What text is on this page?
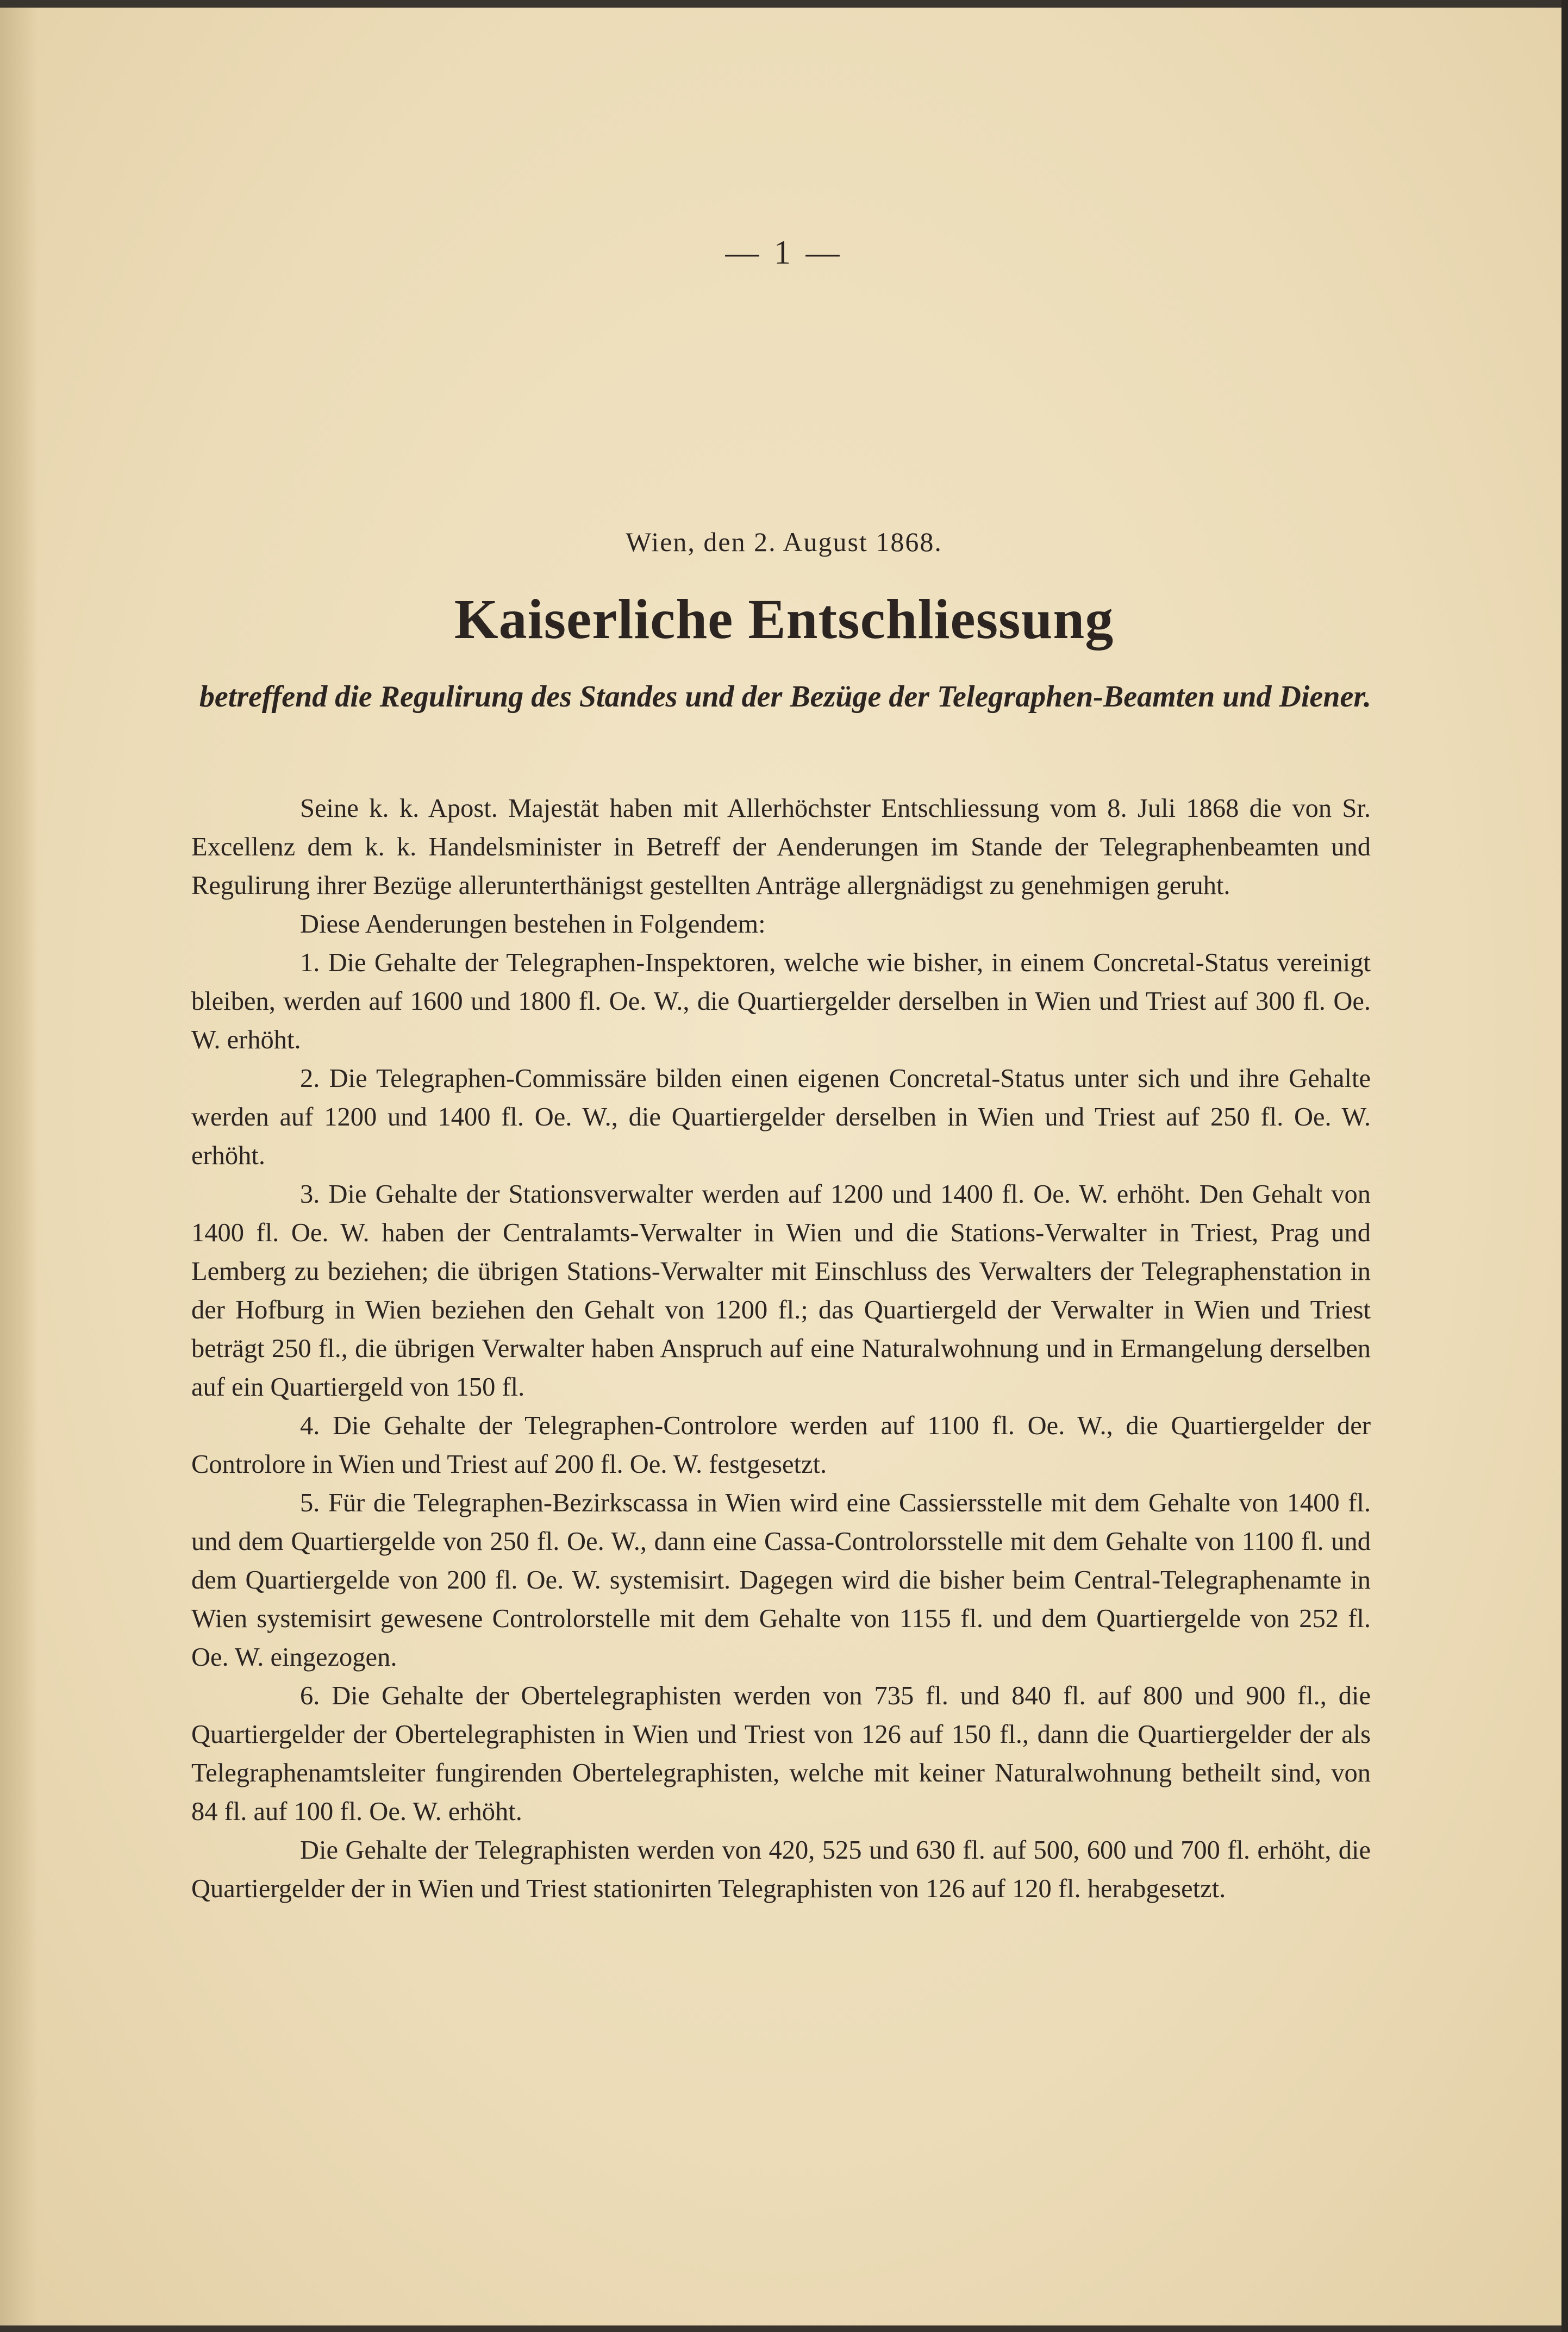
— 1 —
Wien, den 2. August 1868.
Kaiserliche Entschliessung
betreffend die Regulirung des Standes und der Bezüge der Telegraphen-Beamten und Diener.

Seine k. k. Apost. Majestät haben mit Allerhöchster Entschliessung vom 8. Juli 1868 die von Sr. Excellenz dem k. k. Handelsminister in Betreff der Aenderungen im Stande der Telegraphenbeamten und Regulirung ihrer Bezüge allerunterthänigst gestellten Anträge allergnädigst zu genehmigen geruht.

Diese Aenderungen bestehen in Folgendem:

1. Die Gehalte der Telegraphen-Inspektoren, welche wie bisher, in einem Concretal-Status vereinigt bleiben, werden auf 1600 und 1800 fl. Oe. W., die Quartiergelder derselben in Wien und Triest auf 300 fl. Oe. W. erhöht.

2. Die Telegraphen-Commissäre bilden einen eigenen Concretal-Status unter sich und ihre Gehalte werden auf 1200 und 1400 fl. Oe. W., die Quartiergelder derselben in Wien und Triest auf 250 fl. Oe. W. erhöht.

3. Die Gehalte der Stationsverwalter werden auf 1200 und 1400 fl. Oe. W. erhöht. Den Gehalt von 1400 fl. Oe. W. haben der Centralamts-Verwalter in Wien und die Stations-Verwalter in Triest, Prag und Lemberg zu beziehen; die übrigen Stations-Verwalter mit Einschluss des Verwalters der Telegraphenstation in der Hofburg in Wien beziehen den Gehalt von 1200 fl.; das Quartiergeld der Verwalter in Wien und Triest beträgt 250 fl., die übrigen Verwalter haben Anspruch auf eine Naturalwohnung und in Ermangelung derselben auf ein Quartiergeld von 150 fl.

4. Die Gehalte der Telegraphen-Controlore werden auf 1100 fl. Oe. W., die Quartiergelder der Controlore in Wien und Triest auf 200 fl. Oe. W. festgesetzt.

5. Für die Telegraphen-Bezirkscassa in Wien wird eine Cassiersstelle mit dem Gehalte von 1400 fl. und dem Quartiergelde von 250 fl. Oe. W., dann eine Cassa-Controlorsstelle mit dem Gehalte von 1100 fl. und dem Quartiergelde von 200 fl. Oe. W. systemisirt. Dagegen wird die bisher beim Central-Telegraphenamte in Wien systemisirt gewesene Controlorstelle mit dem Gehalte von 1155 fl. und dem Quartiergelde von 252 fl. Oe. W. eingezogen.

6. Die Gehalte der Obertelegraphisten werden von 735 fl. und 840 fl. auf 800 und 900 fl., die Quartiergelder der Obertelegraphisten in Wien und Triest von 126 auf 150 fl., dann die Quartiergelder der als Telegraphenamtsleiter fungirenden Obertelegraphisten, welche mit keiner Naturalwohnung betheilt sind, von 84 fl. auf 100 fl. Oe. W. erhöht.

Die Gehalte der Telegraphisten werden von 420, 525 und 630 fl. auf 500, 600 und 700 fl. erhöht, die Quartiergelder der in Wien und Triest stationirten Telegraphisten von 126 auf 120 fl. herabgesetzt.
